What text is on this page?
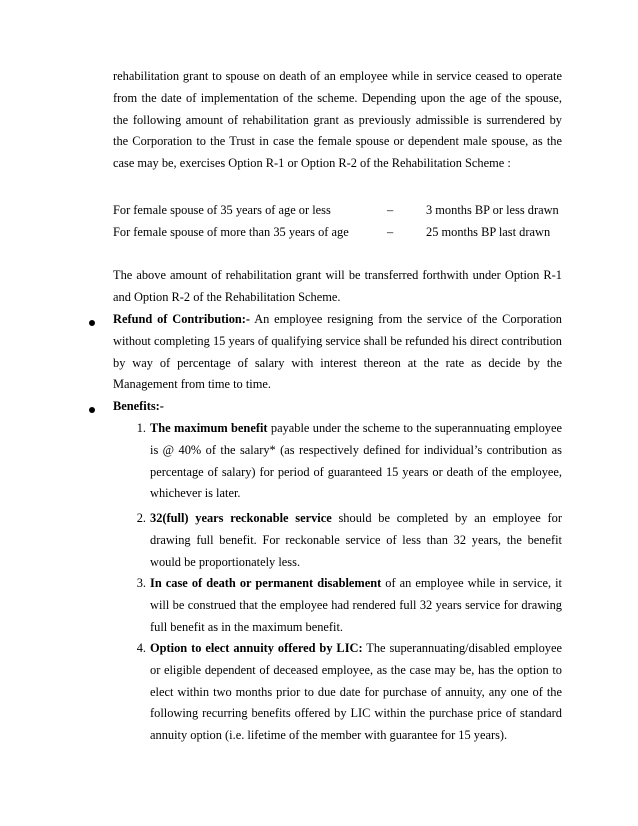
rehabilitation grant to spouse on death of an employee while in service ceased to operate from the date of implementation of the scheme. Depending upon the age of the spouse, the following amount of rehabilitation grant as previously admissible is surrendered by the Corporation to the Trust in case the female spouse or dependent male spouse, as the case may be, exercises Option R-1 or Option R-2 of the Rehabilitation Scheme :

For female spouse of 35 years of age or less	–	3 months BP or less drawn
For female spouse of more than 35 years of age	–	25 months BP last drawn

The above amount of rehabilitation grant will be transferred forthwith under Option R-1 and Option R-2 of the Rehabilitation Scheme.

Refund of Contribution:- An employee resigning from the service of the Corporation without completing 15 years of qualifying service shall be refunded his direct contribution by way of percentage of salary with interest thereon at the rate as decide by the Management from time to time.

Benefits:-

1. The maximum benefit payable under the scheme to the superannuating employee is @ 40% of the salary* (as respectively defined for individual’s contribution as percentage of salary) for period of guaranteed 15 years or death of the employee, whichever is later.
2. 32(full) years reckonable service should be completed by an employee for drawing full benefit. For reckonable service of less than 32 years, the benefit would be proportionately less.
3. In case of death or permanent disablement of an employee while in service, it will be construed that the employee had rendered full 32 years service for drawing full benefit as in the maximum benefit.
4. Option to elect annuity offered by LIC: The superannuating/disabled employee or eligible dependent of deceased employee, as the case may be, has the option to elect within two months prior to due date for purchase of annuity, any one of the following recurring benefits offered by LIC within the purchase price of standard annuity option (i.e. lifetime of the member with guarantee for 15 years).
